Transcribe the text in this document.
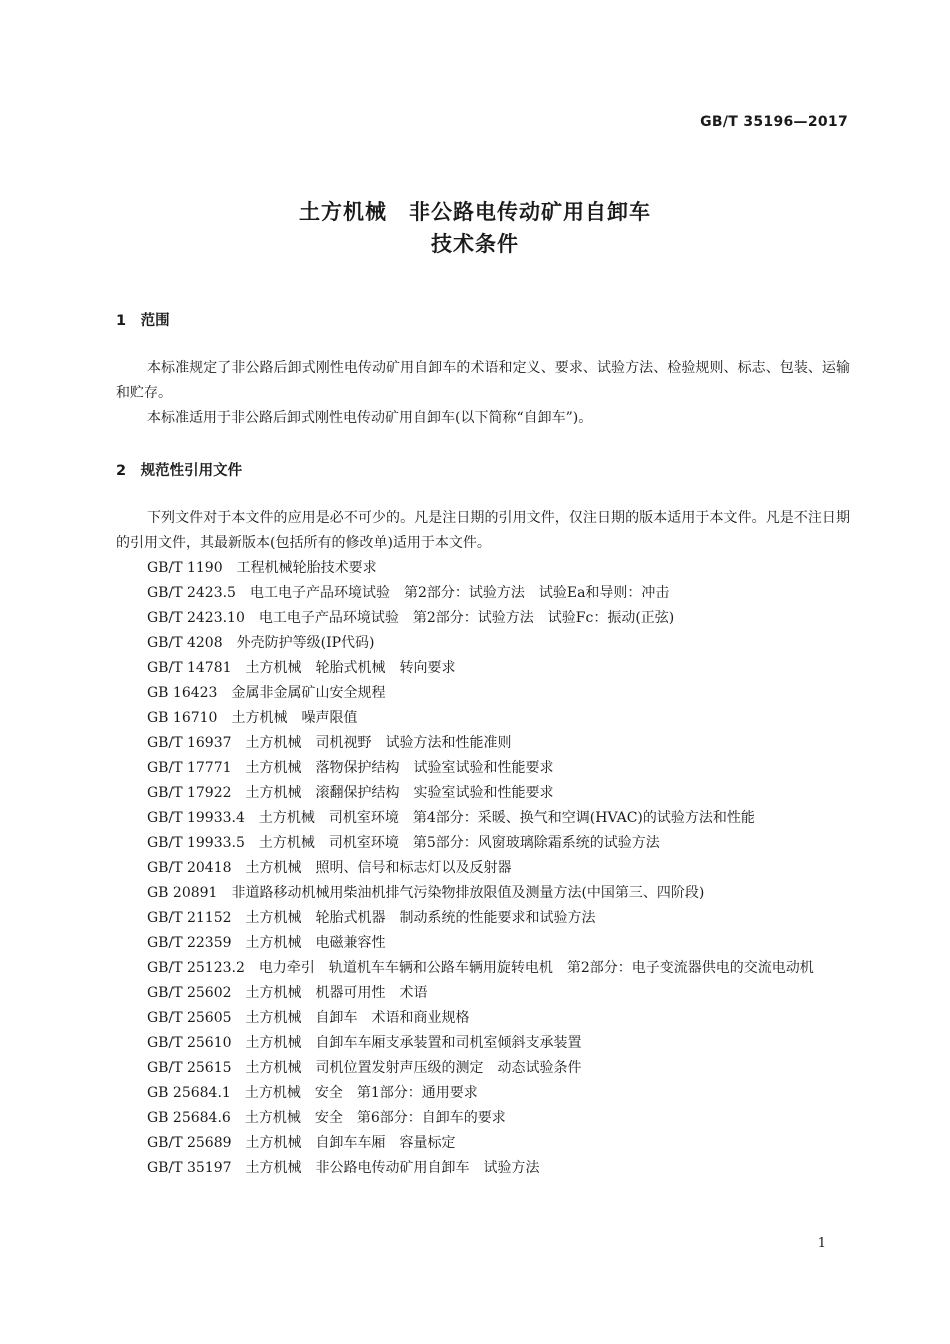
GB/T 35196—2017
土方机械　非公路电传动矿用自卸车
技术条件
1　范围

本标准规定了非公路后卸式刚性电传动矿用自卸车的术语和定义、要求、试验方法、检验规则、标志、包装、运输和贮存。

本标准适用于非公路后卸式刚性电传动矿用自卸车(以下简称“自卸车”)。

2　规范性引用文件

下列文件对于本文件的应用是必不可少的。凡是注日期的引用文件，仅注日期的版本适用于本文件。凡是不注日期的引用文件，其最新版本(包括所有的修改单)适用于本文件。

GB/T 1190　工程机械轮胎技术要求
GB/T 2423.5　电工电子产品环境试验　第2部分：试验方法　试验Ea和导则：冲击
GB/T 2423.10　电工电子产品环境试验　第2部分：试验方法　试验Fc：振动(正弦)
GB/T 4208　外壳防护等级(IP代码)
GB/T 14781　土方机械　轮胎式机械　转向要求
GB 16423　金属非金属矿山安全规程
GB 16710　土方机械　噪声限值
GB/T 16937　土方机械　司机视野　试验方法和性能准则
GB/T 17771　土方机械　落物保护结构　试验室试验和性能要求
GB/T 17922　土方机械　滚翻保护结构　实验室试验和性能要求
GB/T 19933.4　土方机械　司机室环境　第4部分：采暖、换气和空调(HVAC)的试验方法和性能
GB/T 19933.5　土方机械　司机室环境　第5部分：风窗玻璃除霜系统的试验方法
GB/T 20418　土方机械　照明、信号和标志灯以及反射器
GB 20891　非道路移动机械用柴油机排气污染物排放限值及测量方法(中国第三、四阶段)
GB/T 21152　土方机械　轮胎式机器　制动系统的性能要求和试验方法
GB/T 22359　土方机械　电磁兼容性
GB/T 25123.2　电力牵引　轨道机车车辆和公路车辆用旋转电机　第2部分：电子变流器供电的交流电动机
GB/T 25602　土方机械　机器可用性　术语
GB/T 25605　土方机械　自卸车　术语和商业规格
GB/T 25610　土方机械　自卸车车厢支承装置和司机室倾斜支承装置
GB/T 25615　土方机械　司机位置发射声压级的测定　动态试验条件
GB 25684.1　土方机械　安全　第1部分：通用要求
GB 25684.6　土方机械　安全　第6部分：自卸车的要求
GB/T 25689　土方机械　自卸车车厢　容量标定
GB/T 35197　土方机械　非公路电传动矿用自卸车　试验方法
1
